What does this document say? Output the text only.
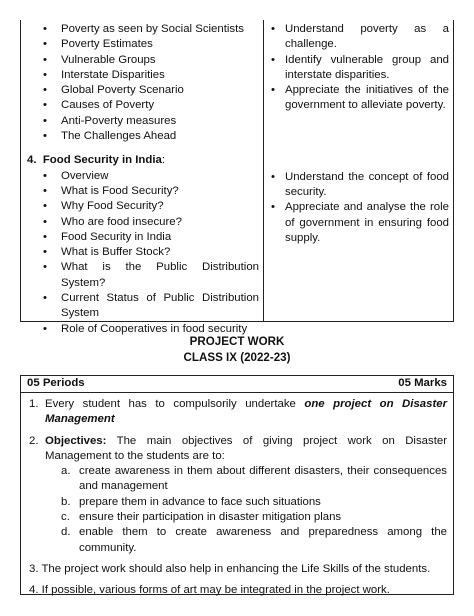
• Poverty as seen by Social Scientists
• Poverty Estimates
• Vulnerable Groups
• Interstate Disparities
• Global Poverty Scenario
• Causes of Poverty
• Anti-Poverty measures
• The Challenges Ahead
4. Food Security in India:
• Overview
• What is Food Security?
• Why Food Security?
• Who are food insecure?
• Food Security in India
• What is Buffer Stock?
• What is the Public Distribution System?
• Current Status of Public Distribution System
• Role of Cooperatives in food security
• Understand poverty as a challenge.
• Identify vulnerable group and interstate disparities.
• Appreciate the initiatives of the government to alleviate poverty.
• Understand the concept of food security.
• Appreciate and analyse the role of government in ensuring food supply.
PROJECT WORK
CLASS IX (2022-23)
05 Periods	05 Marks
1. Every student has to compulsorily undertake one project on Disaster Management
2. Objectives: The main objectives of giving project work on Disaster Management to the students are to:
a. create awareness in them about different disasters, their consequences and management
b. prepare them in advance to face such situations
c. ensure their participation in disaster mitigation plans
d. enable them to create awareness and preparedness among the community.
3. The project work should also help in enhancing the Life Skills of the students.
4. If possible, various forms of art may be integrated in the project work.
